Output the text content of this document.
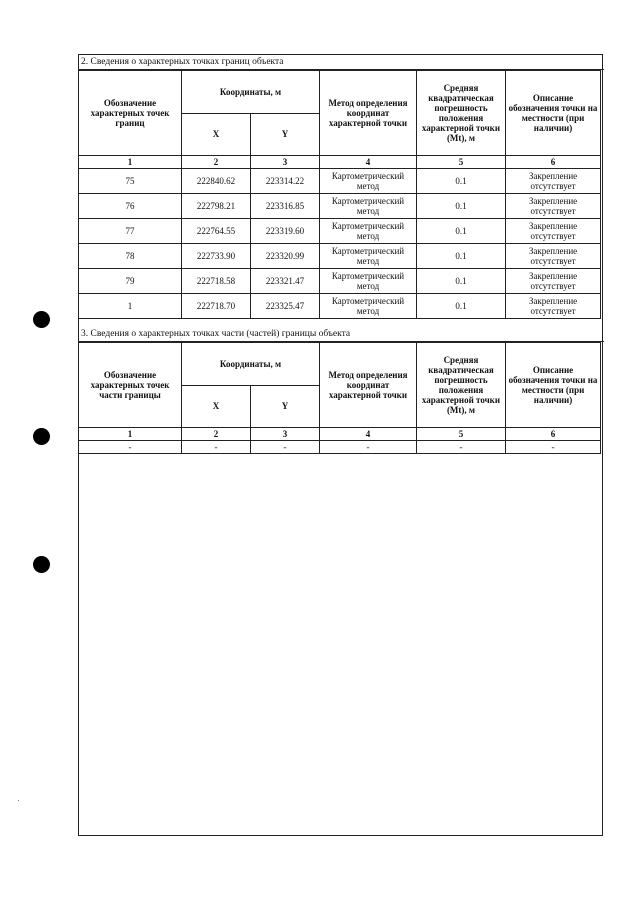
2. Сведения о характерных точках границ объекта
Обозначение характерных точек границ	Координаты, м		Метод определения координат характерной точки	Средняя квадратическая погрешность положения характерной точки (Mt), м	Описание обозначения точки на местности (при наличии)
	X	Y			
1	2	3	4	5	6
75	222840.62	223314.22	Картометрический метод	0.1	Закрепление отсутствует
76	222798.21	223316.85	Картометрический метод	0.1	Закрепление отсутствует
77	222764.55	223319.60	Картометрический метод	0.1	Закрепление отсутствует
78	222733.90	223320.99	Картометрический метод	0.1	Закрепление отсутствует
79	222718.58	223321.47	Картометрический метод	0.1	Закрепление отсутствует
1	222718.70	223325.47	Картометрический метод	0.1	Закрепление отсутствует
3. Сведения о характерных точках части (частей) границы объекта
Обозначение характерных точек части границы	Координаты, м		Метод определения координат характерной точки	Средняя квадратическая погрешность положения характерной точки (Mt), м	Описание обозначения точки на местности (при наличии)
	X	Y			
1	2	3	4	5	6
-	-	-	-	-	-
